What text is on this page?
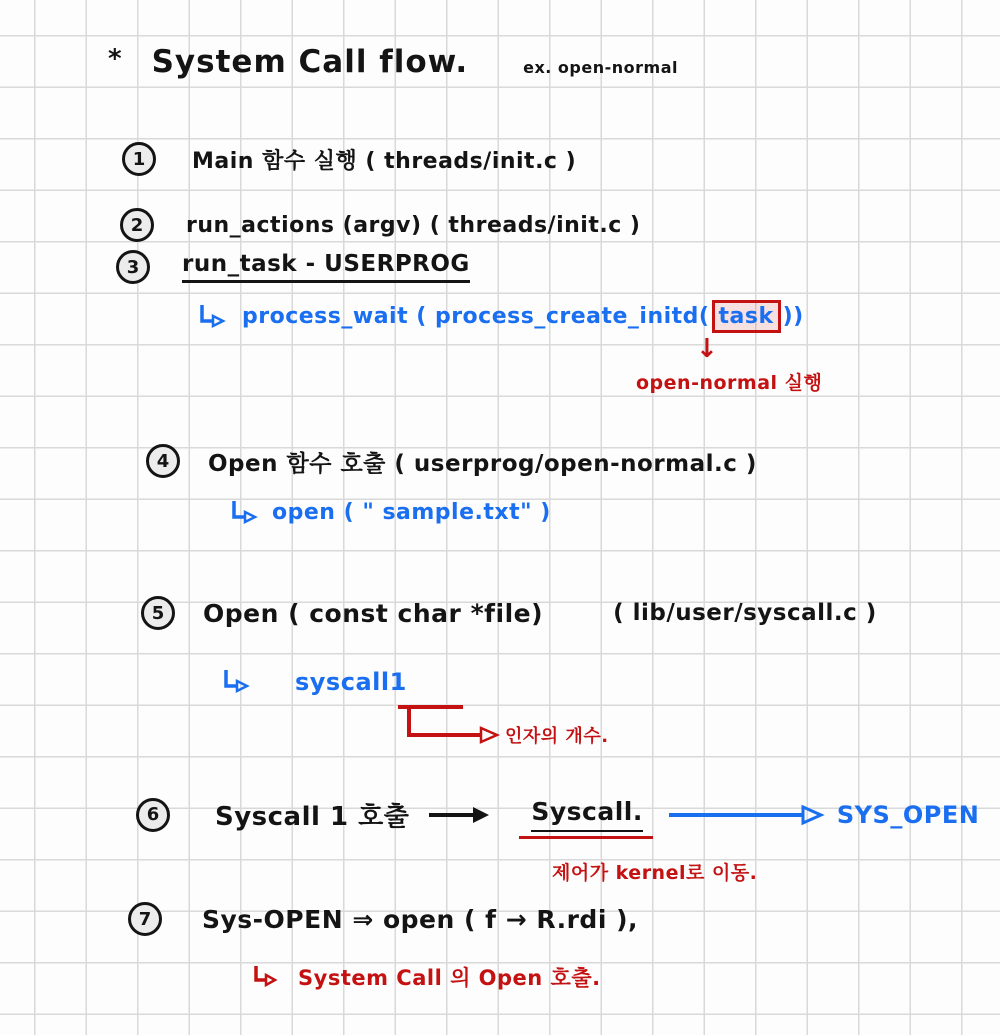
* System Call flow.	ex. open-normal
1	Main 함수 실행 ( threads/init.c )
2	run_actions (argv) ( threads/init.c )
3	run_task - USERPROG
process_wait ( process_create_initd( task ))
↓
open-normal 실행
4	Open 함수 호출 ( userprog/open-normal.c )
open ( " sample.txt" )
5	Open ( const char *file)	( lib/user/syscall.c )
syscall1
인자의 개수.
6	Syscall 1 호출	Syscall.	SYS_OPEN
제어가 kernel로 이동.
7	Sys-OPEN ⇒ open ( f → R.rdi ),
System Call 의 Open 호출.
